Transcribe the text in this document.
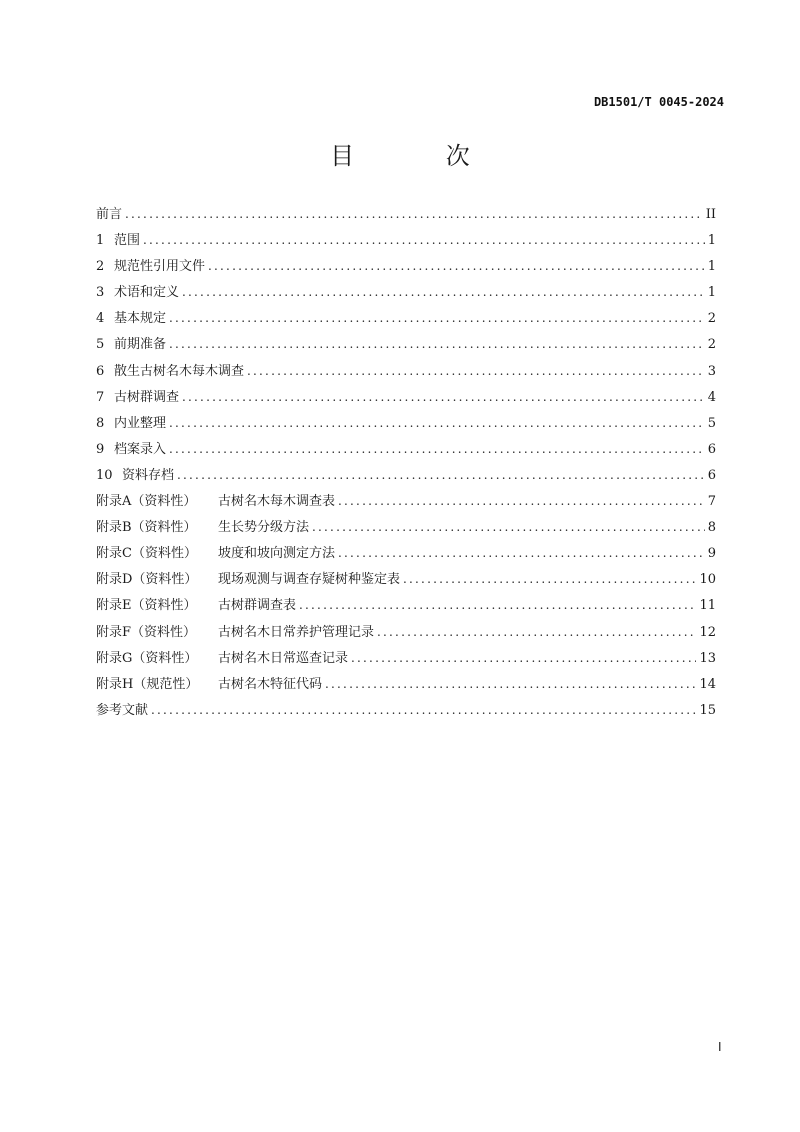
DB1501/T 0045-2024
目 次
前言 .....	II
1 范围 .....	1
2 规范性引用文件 .....	1
3 术语和定义 .....	1
4 基本规定 .....	2
5 前期准备 .....	2
6 散生古树名木每木调查 .....	3
7 古树群调查 .....	4
8 内业整理 .....	5
9 档案录入 .....	6
10 资料存档 .....	6
附录A（资料性）	古树名木每木调查表 .....	7
附录B（资料性）	生长势分级方法 .....	8
附录C（资料性）	坡度和坡向测定方法 .....	9
附录D（资料性）	现场观测与调查存疑树种鉴定表 .....	10
附录E（资料性）	古树群调查表 .....	11
附录F（资料性）	古树名木日常养护管理记录 .....	12
附录G（资料性）	古树名木日常巡查记录 .....	13
附录H（规范性）	古树名木特征代码 .....	14
参考文献 .....	15
I
